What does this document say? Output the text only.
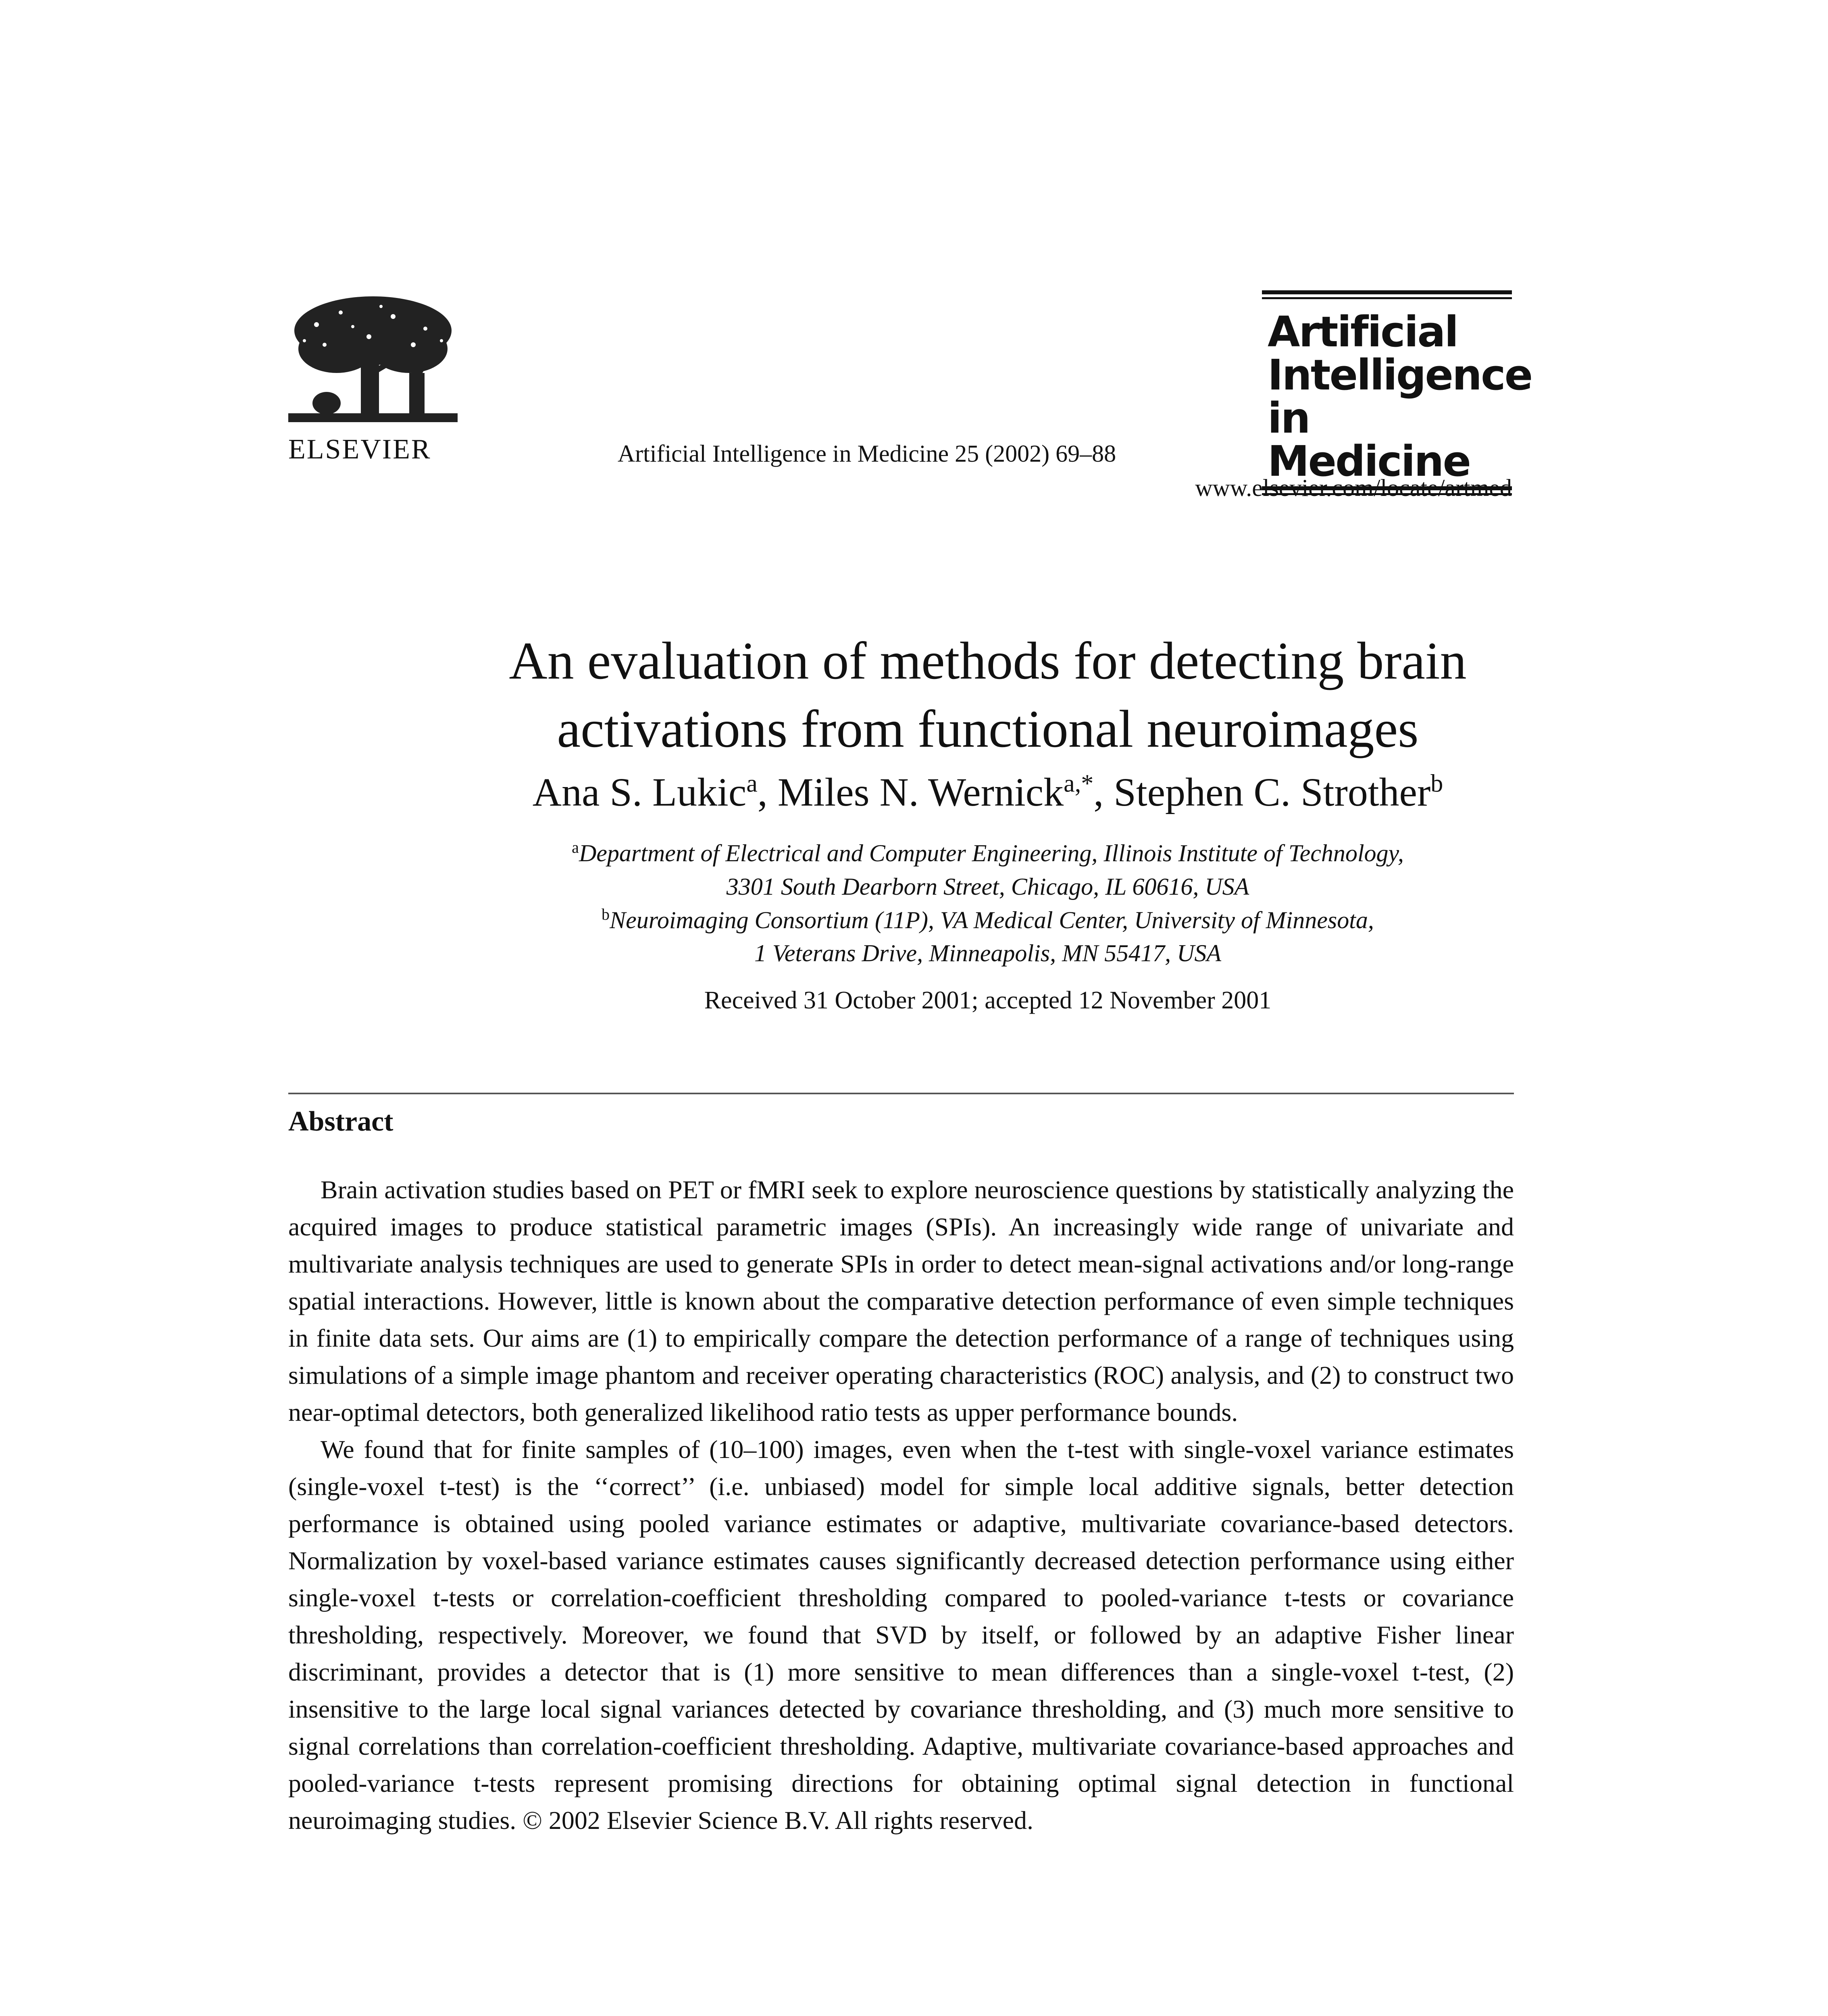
ELSEVIER	Artificial Intelligence in Medicine 25 (2002) 69–88
Artificial
Intelligence
in Medicine
www.elsevier.com/locate/artmed
An evaluation of methods for detecting brain
activations from functional neuroimages
Ana S. Lukic$^a$, Miles N. Wernick$^{a,*}$, Stephen C. Strother$^b$
$^a$Department of Electrical and Computer Engineering, Illinois Institute of Technology,
3301 South Dearborn Street, Chicago, IL 60616, USA
$^b$Neuroimaging Consortium (11P), VA Medical Center, University of Minnesota,
1 Veterans Drive, Minneapolis, MN 55417, USA
Received 31 October 2001; accepted 12 November 2001
Abstract

Brain activation studies based on PET or fMRI seek to explore neuroscience questions by statistically analyzing the acquired images to produce statistical parametric images (SPIs). An increasingly wide range of univariate and multivariate analysis techniques are used to generate SPIs in order to detect mean-signal activations and/or long-range spatial interactions. However, little is known about the comparative detection performance of even simple techniques in finite data sets. Our aims are (1) to empirically compare the detection performance of a range of techniques using simulations of a simple image phantom and receiver operating characteristics (ROC) analysis, and (2) to construct two near-optimal detectors, both generalized likelihood ratio tests as upper performance bounds.

We found that for finite samples of (10–100) images, even when the t-test with single-voxel variance estimates (single-voxel t-test) is the ‘‘correct’’ (i.e. unbiased) model for simple local additive signals, better detection performance is obtained using pooled variance estimates or adaptive, multivariate covariance-based detectors. Normalization by voxel-based variance estimates causes significantly decreased detection performance using either single-voxel t-tests or correlation-coefficient thresholding compared to pooled-variance t-tests or covariance thresholding, respectively. Moreover, we found that SVD by itself, or followed by an adaptive Fisher linear discriminant, provides a detector that is (1) more sensitive to mean differences than a single-voxel t-test, (2) insensitive to the large local signal variances detected by covariance thresholding, and (3) much more sensitive to signal correlations than correlation-coefficient thresholding. Adaptive, multivariate covariance-based approaches and pooled-variance t-tests represent promising directions for obtaining optimal signal detection in functional neuroimaging studies. © 2002 Elsevier Science B.V. All rights reserved.
